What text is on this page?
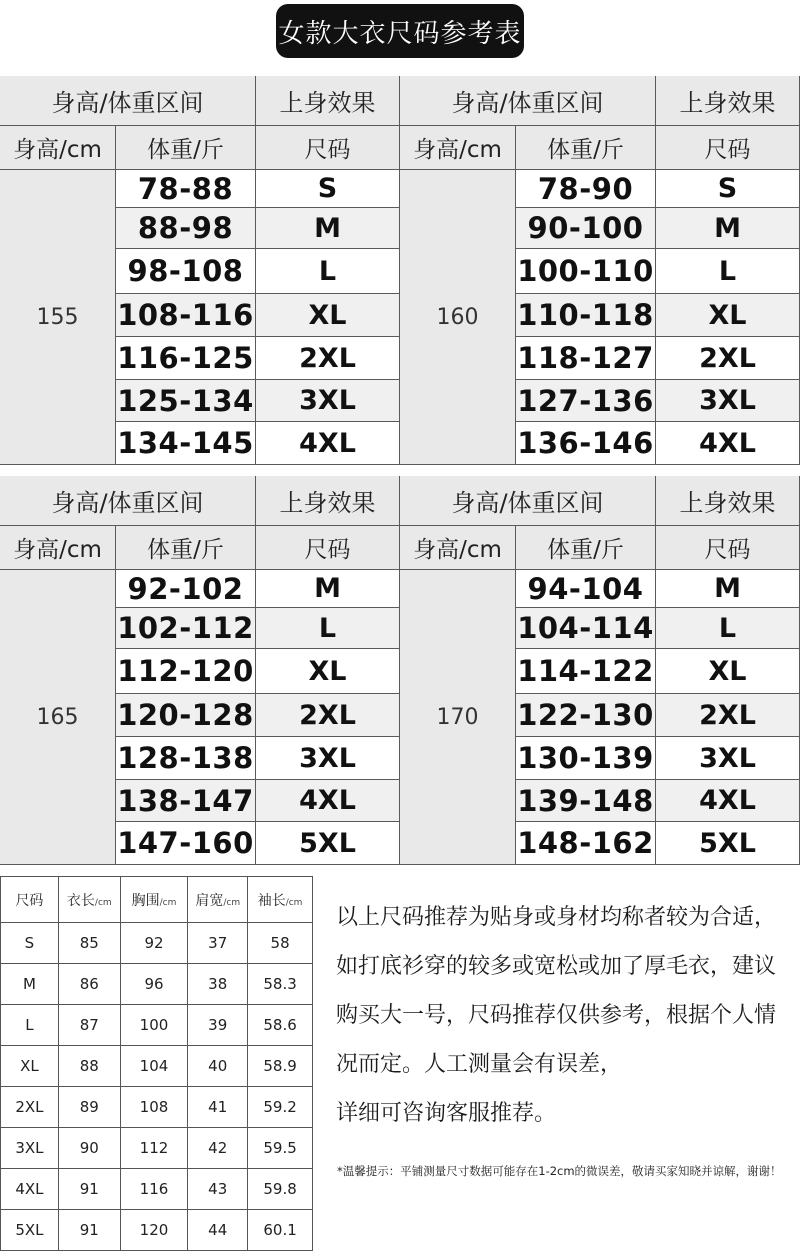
女款大衣尺码参考表
身高/体重区间	上身效果
身高/cm	体重/斤	尺码
155
78-88	S
88-98	M
98-108	L
108-116	XL
116-125	2XL
125-134	3XL
134-145	4XL
身高/体重区间	上身效果
身高/cm	体重/斤	尺码
160
78-90	S
90-100	M
100-110	L
110-118	XL
118-127	2XL
127-136	3XL
136-146	4XL
身高/体重区间	上身效果
身高/cm	体重/斤	尺码
165
92-102	M
102-112	L
112-120	XL
120-128	2XL
128-138	3XL
138-147	4XL
147-160	5XL
身高/体重区间	上身效果
身高/cm	体重/斤	尺码
170
94-104	M
104-114	L
114-122	XL
122-130	2XL
130-139	3XL
139-148	4XL
148-162	5XL
尺码	衣长/cm	胸围/cm	肩宽/cm	袖长/cm
S	85	92	37	58
M	86	96	38	58.3
L	87	100	39	58.6
XL	88	104	40	58.9
2XL	89	108	41	59.2
3XL	90	112	42	59.5
4XL	91	116	43	59.8
5XL	91	120	44	60.1

以上尺码推荐为贴身或身材均称者较为合适，

如打底衫穿的较多或宽松或加了厚毛衣，建议

购买大一号，尺码推荐仅供参考，根据个人情

况而定。人工测量会有误差，

详细可咨询客服推荐。

*温馨提示：平铺测量尺寸数据可能存在1-2cm的微误差，敬请买家知晓并谅解，谢谢！
